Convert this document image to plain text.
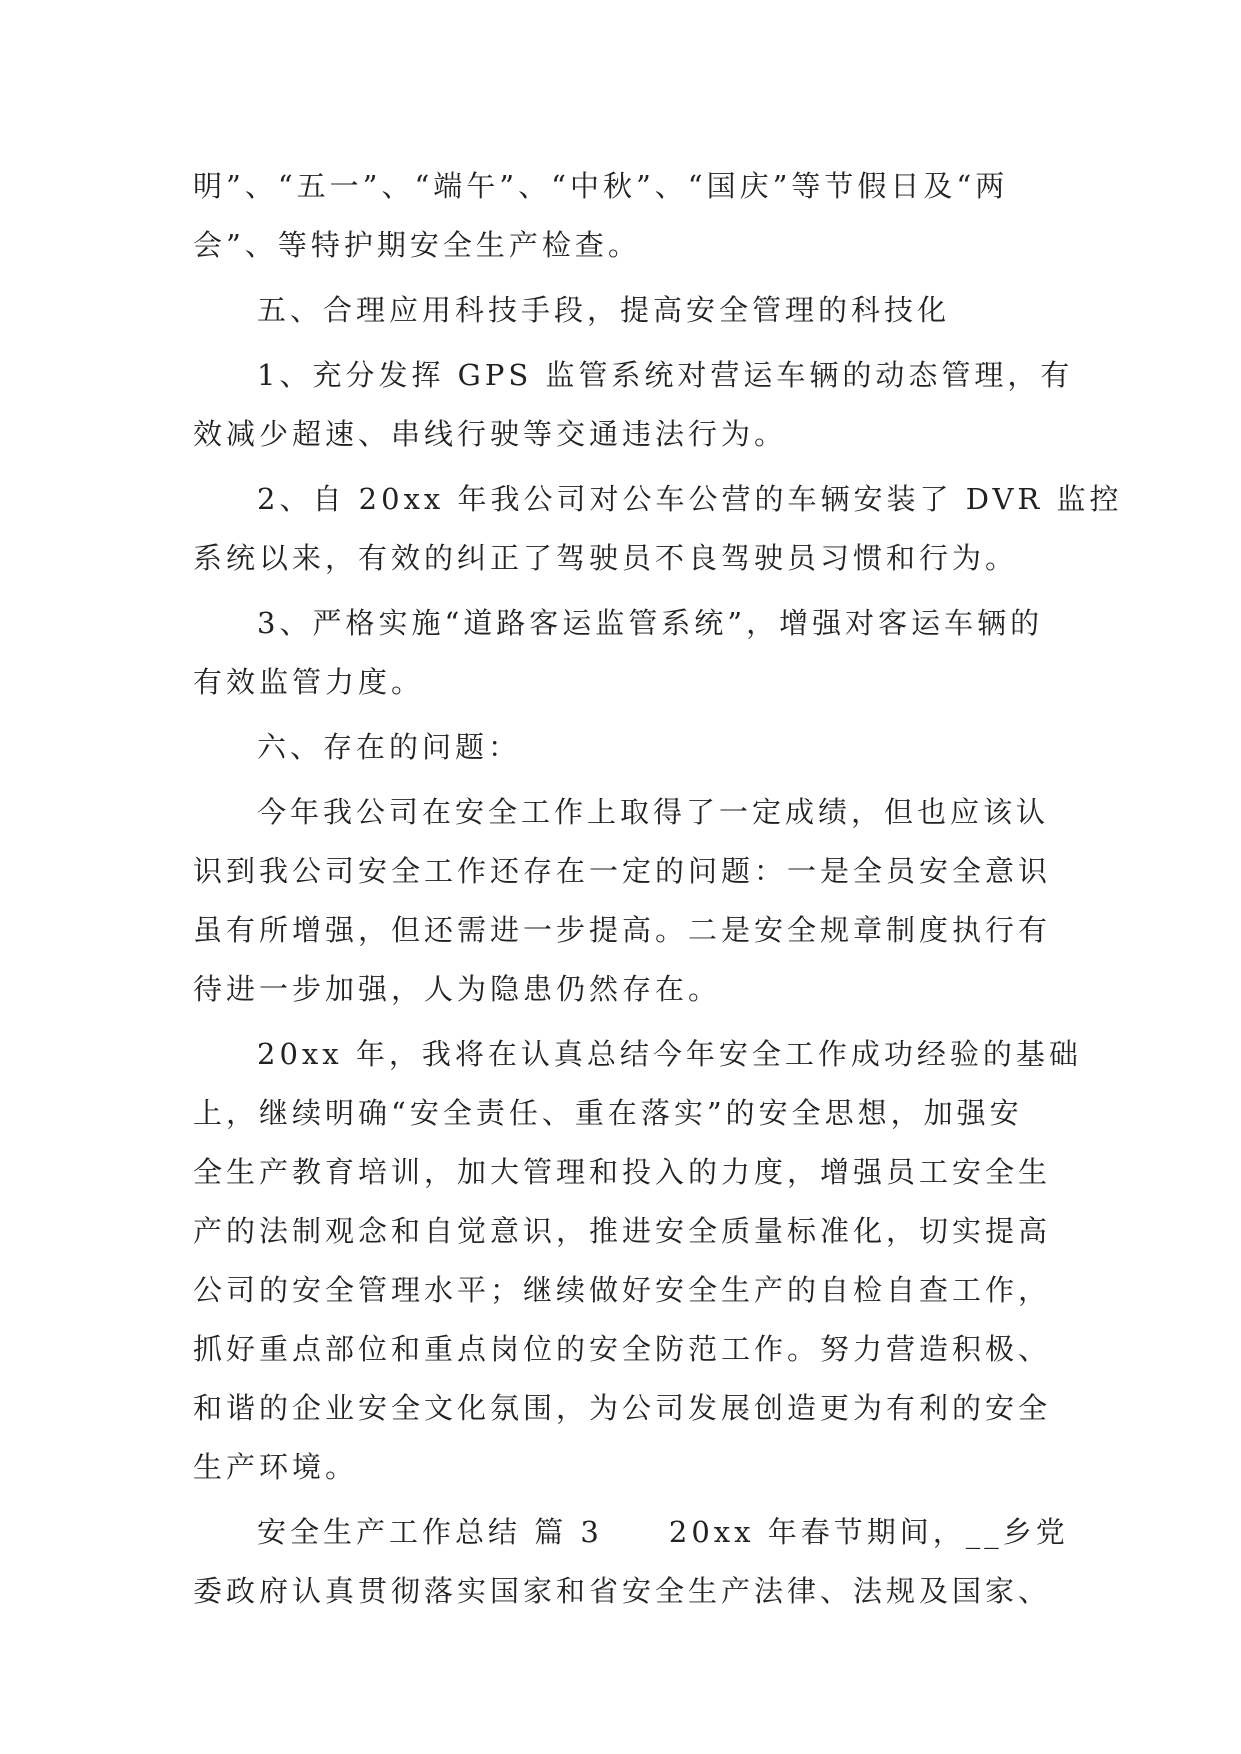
明”、“五一”、“端午”、“中秋”、“国庆”等节假日及“两
会”、等特护期安全生产检查。
五、合理应用科技手段，提高安全管理的科技化
1、充分发挥 GPS 监管系统对营运车辆的动态管理，有
效减少超速、串线行驶等交通违法行为。
2、自 20xx 年我公司对公车公营的车辆安装了 DVR 监控
系统以来，有效的纠正了驾驶员不良驾驶员习惯和行为。
3、严格实施“道路客运监管系统”，增强对客运车辆的
有效监管力度。
六、存在的问题：
今年我公司在安全工作上取得了一定成绩，但也应该认
识到我公司安全工作还存在一定的问题：一是全员安全意识
虽有所增强，但还需进一步提高。二是安全规章制度执行有
待进一步加强，人为隐患仍然存在。
20xx 年，我将在认真总结今年安全工作成功经验的基础
上，继续明确“安全责任、重在落实”的安全思想，加强安
全生产教育培训，加大管理和投入的力度，增强员工安全生
产的法制观念和自觉意识，推进安全质量标准化，切实提高
公司的安全管理水平；继续做好安全生产的自检自查工作，
抓好重点部位和重点岗位的安全防范工作。努力营造积极、
和谐的企业安全文化氛围，为公司发展创造更为有利的安全
生产环境。
安全生产工作总结 篇 3　　20xx 年春节期间，__乡党
委政府认真贯彻落实国家和省安全生产法律、法规及国家、
